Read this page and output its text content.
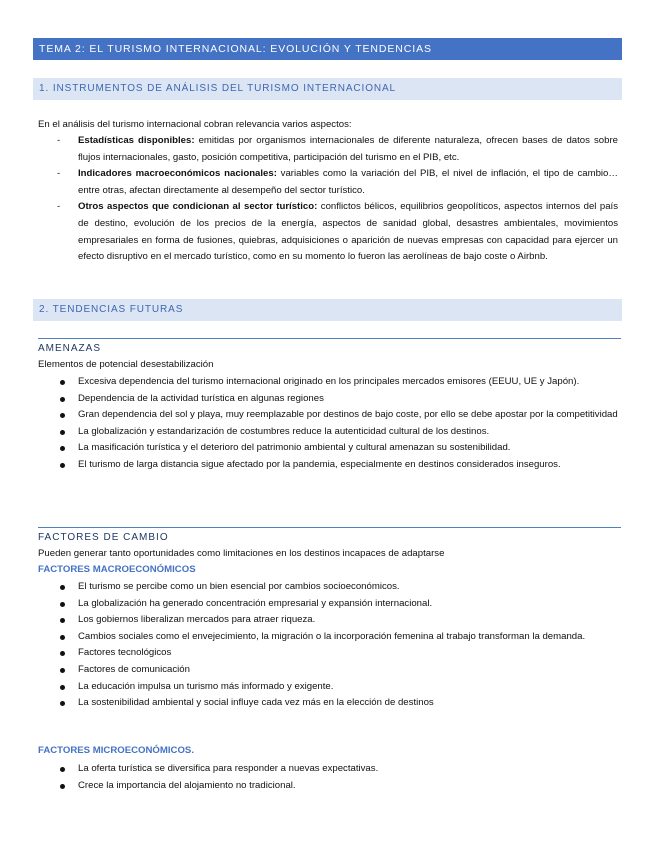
TEMA 2: EL TURISMO INTERNACIONAL: EVOLUCIÓN Y TENDENCIAS
1. INSTRUMENTOS DE ANÁLISIS DEL TURISMO INTERNACIONAL
En el análisis del turismo internacional cobran relevancia varios aspectos:
- Estadísticas disponibles: emitidas por organismos internacionales de diferente naturaleza, ofrecen bases de datos sobre flujos internacionales, gasto, posición competitiva, participación del turismo en el PIB, etc.
- Indicadores macroeconómicos nacionales: variables como la variación del PIB, el nivel de inflación, el tipo de cambio…entre otras, afectan directamente al desempeño del sector turístico.
- Otros aspectos que condicionan al sector turístico: conflictos bélicos, equilibrios geopolíticos, aspectos internos del país de destino, evolución de los precios de la energía, aspectos de sanidad global, desastres ambientales, movimientos empresariales en forma de fusiones, quiebras, adquisiciones o aparición de nuevas empresas con capacidad para ejercer un efecto disruptivo en el mercado turístico, como en su momento lo fueron las aerolíneas de bajo coste o Airbnb.
2. TENDENCIAS FUTURAS
AMENAZAS
Elementos de potencial desestabilización
Excesiva dependencia del turismo internacional originado en los principales mercados emisores (EEUU, UE y Japón).
Dependencia de la actividad turística en algunas regiones
Gran dependencia del sol y playa, muy reemplazable por destinos de bajo coste, por ello se debe apostar por la competitividad
La globalización y estandarización de costumbres reduce la autenticidad cultural de los destinos.
La masificación turística y el deterioro del patrimonio ambiental y cultural amenazan su sostenibilidad.
El turismo de larga distancia sigue afectado por la pandemia, especialmente en destinos considerados inseguros.
FACTORES DE CAMBIO
Pueden generar tanto oportunidades como limitaciones en los destinos incapaces de adaptarse
FACTORES MACROECONÓMICOS
El turismo se percibe como un bien esencial por cambios socioeconómicos.
La globalización ha generado concentración empresarial y expansión internacional.
Los gobiernos liberalizan mercados para atraer riqueza.
Cambios sociales como el envejecimiento, la migración o la incorporación femenina al trabajo transforman la demanda.
Factores tecnológicos
Factores de comunicación
La educación impulsa un turismo más informado y exigente.
La sostenibilidad ambiental y social influye cada vez más en la elección de destinos
FACTORES MICROECONÓMICOS.
La oferta turística se diversifica para responder a nuevas expectativas.
Crece la importancia del alojamiento no tradicional.
